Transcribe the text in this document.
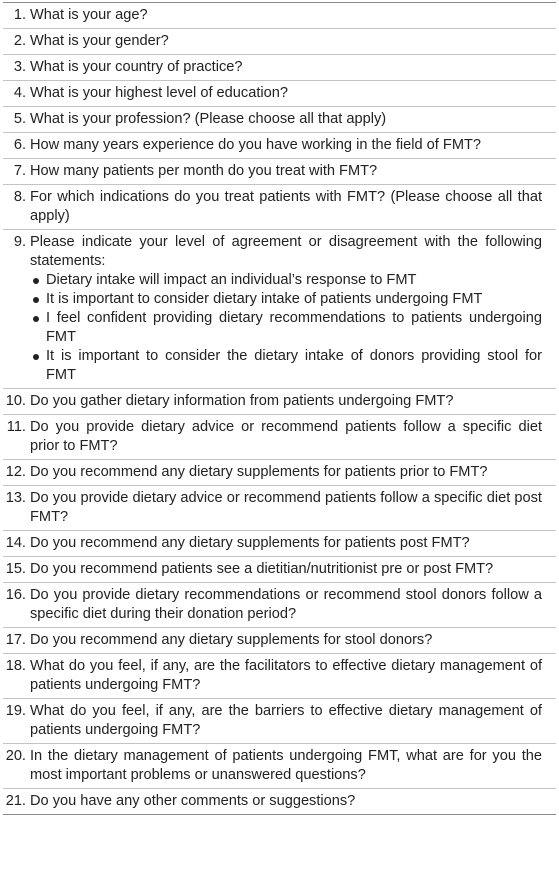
1. What is your age?
2. What is your gender?
3. What is your country of practice?
4. What is your highest level of education?
5. What is your profession? (Please choose all that apply)
6. How many years experience do you have working in the field of FMT?
7. How many patients per month do you treat with FMT?
8. For which indications do you treat patients with FMT? (Please choose all that apply)
9. Please indicate your level of agreement or disagreement with the following statements:
Dietary intake will impact an individual’s response to FMT
It is important to consider dietary intake of patients undergoing FMT
I feel confident providing dietary recommendations to patients undergoing FMT
It is important to consider the dietary intake of donors providing stool for FMT
10. Do you gather dietary information from patients undergoing FMT?
11. Do you provide dietary advice or recommend patients follow a specific diet prior to FMT?
12. Do you recommend any dietary supplements for patients prior to FMT?
13. Do you provide dietary advice or recommend patients follow a specific diet post FMT?
14. Do you recommend any dietary supplements for patients post FMT?
15. Do you recommend patients see a dietitian/nutritionist pre or post FMT?
16. Do you provide dietary recommendations or recommend stool donors follow a specific diet during their donation period?
17. Do you recommend any dietary supplements for stool donors?
18. What do you feel, if any, are the facilitators to effective dietary management of patients undergoing FMT?
19. What do you feel, if any, are the barriers to effective dietary management of patients undergoing FMT?
20. In the dietary management of patients undergoing FMT, what are for you the most important problems or unanswered questions?
21. Do you have any other comments or suggestions?
